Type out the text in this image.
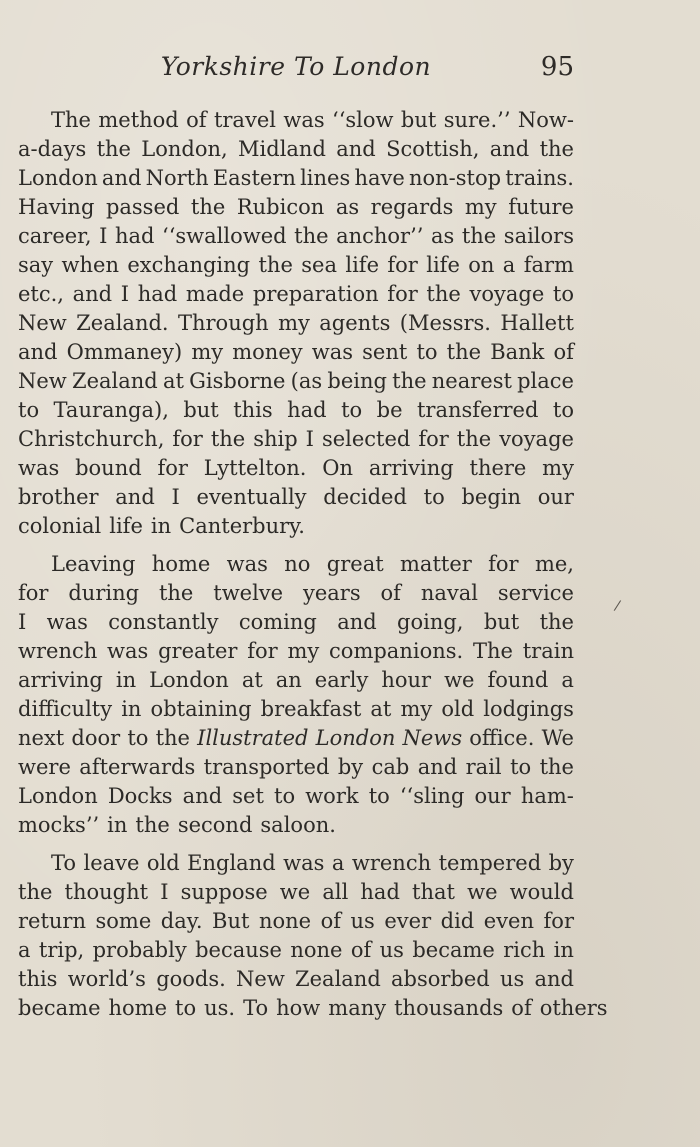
Yorkshire To London	95
The method of travel was ‘‘slow but sure.’’ Now-
a-days the London, Midland and Scottish, and the
London and North Eastern lines have non-stop trains.
Having passed the Rubicon as regards my future
career, I had ‘‘swallowed the anchor’’ as the sailors
say when exchanging the sea life for life on a farm
etc., and I had made preparation for the voyage to
New Zealand. Through my agents (Messrs. Hallett
and Ommaney) my money was sent to the Bank of
New Zealand at Gisborne (as being the nearest place
to Tauranga), but this had to be transferred to
Christchurch, for the ship I selected for the voyage
was bound for Lyttelton. On arriving there my
brother and I eventually decided to begin our
colonial life in Canterbury.
Leaving home was no great matter for me,
for during the twelve years of naval service
I was constantly coming and going, but the
wrench was greater for my companions. The train
arriving in London at an early hour we found a
difficulty in obtaining breakfast at my old lodgings
next door to the Illustrated London News office. We
were afterwards transported by cab and rail to the
London Docks and set to work to ‘‘sling our ham-
mocks’’ in the second saloon.
To leave old England was a wrench tempered by
the thought I suppose we all had that we would
return some day. But none of us ever did even for
a trip, probably because none of us became rich in
this world’s goods. New Zealand absorbed us and
became home to us. To how many thousands of others
/
